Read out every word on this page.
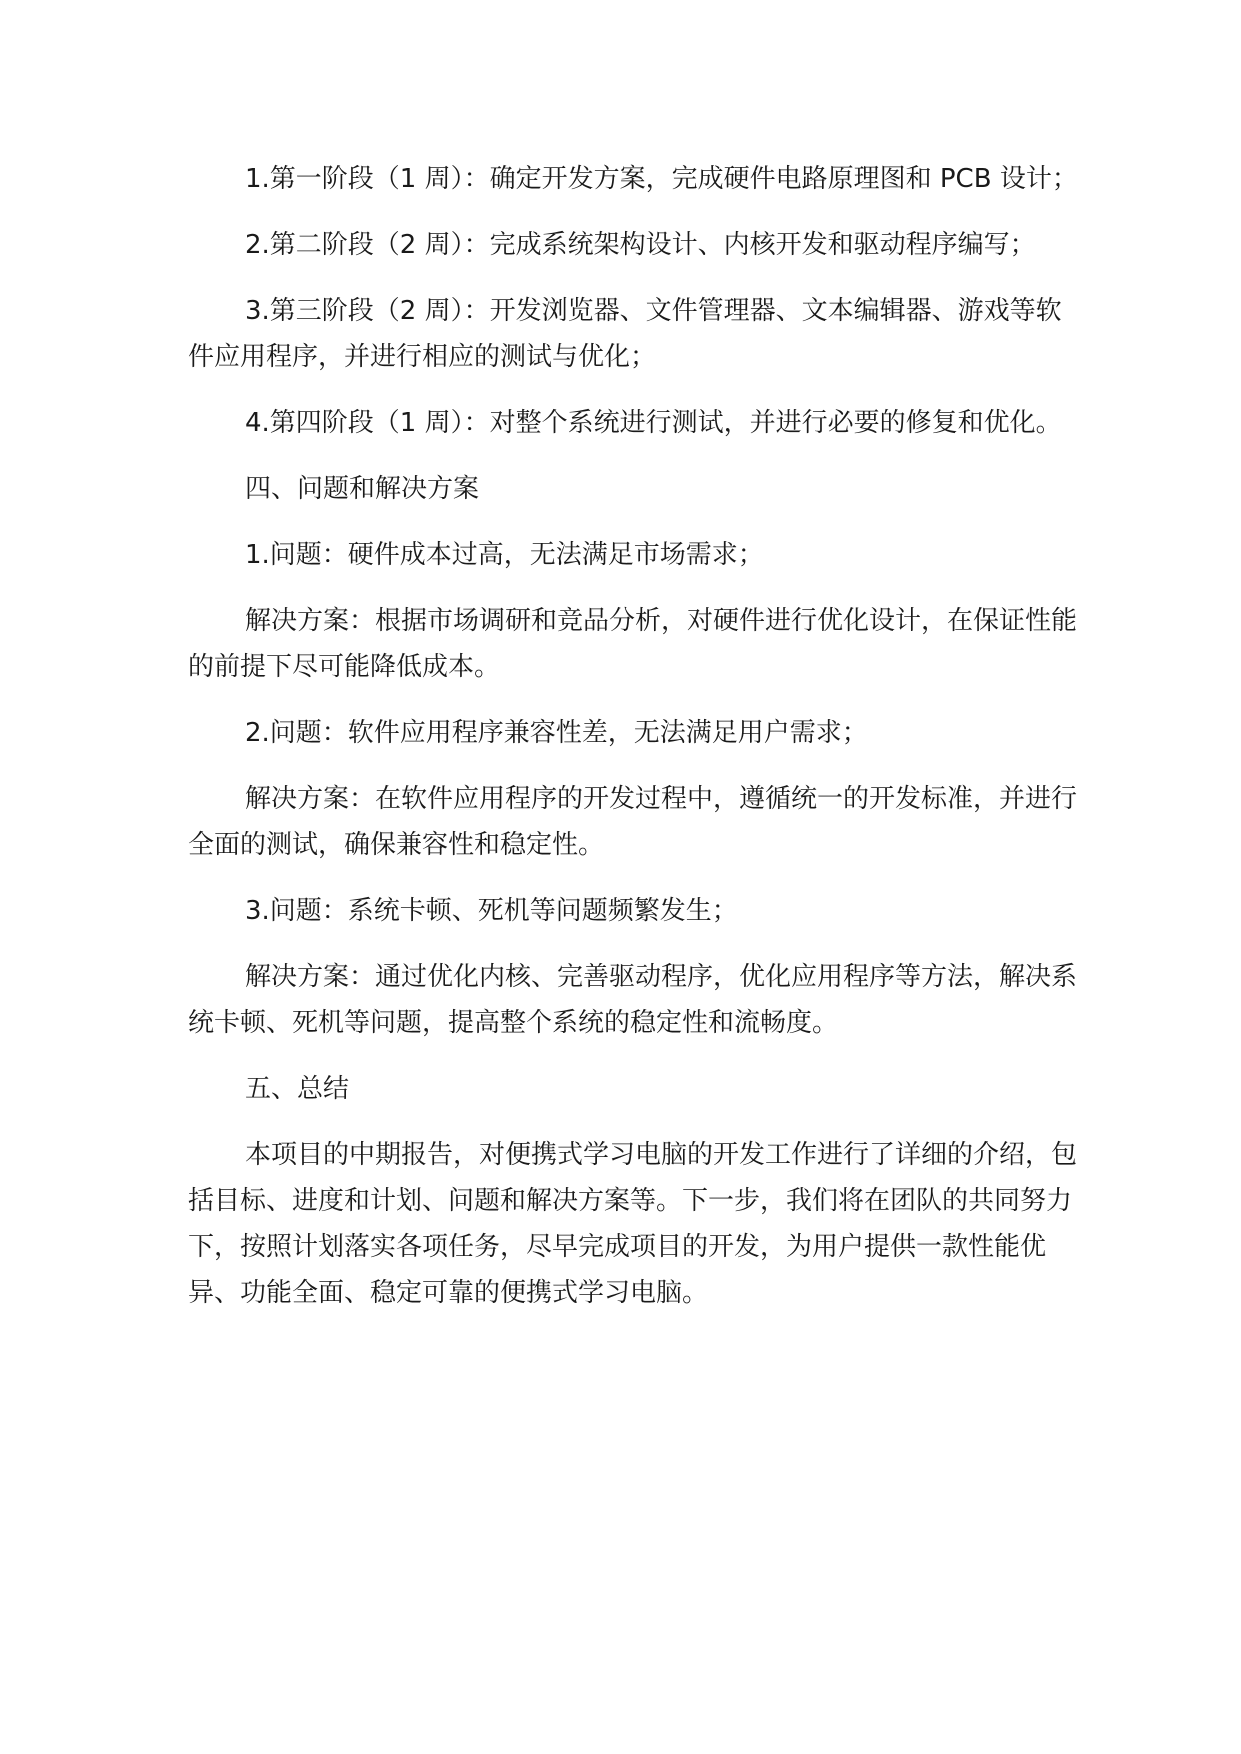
1.第一阶段（1 周）：确定开发方案，完成硬件电路原理图和 PCB 设计；

2.第二阶段（2 周）：完成系统架构设计、内核开发和驱动程序编写；

3.第三阶段（2 周）：开发浏览器、文件管理器、文本编辑器、游戏等软件应用程序，并进行相应的测试与优化；

4.第四阶段（1 周）：对整个系统进行测试，并进行必要的修复和优化。

四、问题和解决方案

1.问题：硬件成本过高，无法满足市场需求；

解决方案：根据市场调研和竞品分析，对硬件进行优化设计，在保证性能的前提下尽可能降低成本。

2.问题：软件应用程序兼容性差，无法满足用户需求；

解决方案：在软件应用程序的开发过程中，遵循统一的开发标准，并进行全面的测试，确保兼容性和稳定性。

3.问题：系统卡顿、死机等问题频繁发生；

解决方案：通过优化内核、完善驱动程序，优化应用程序等方法，解决系统卡顿、死机等问题，提高整个系统的稳定性和流畅度。

五、总结

本项目的中期报告，对便携式学习电脑的开发工作进行了详细的介绍，包括目标、进度和计划、问题和解决方案等。下一步，我们将在团队的共同努力下，按照计划落实各项任务，尽早完成项目的开发，为用户提供一款性能优异、功能全面、稳定可靠的便携式学习电脑。
